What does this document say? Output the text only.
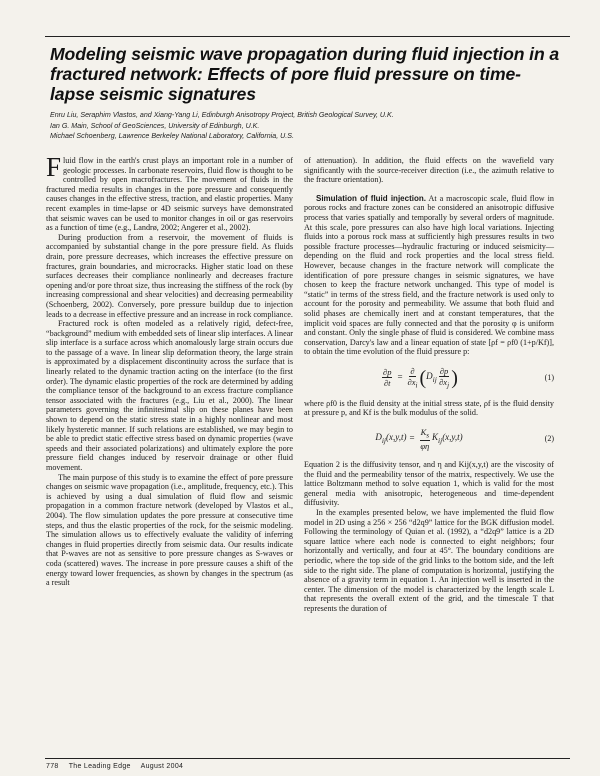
Modeling seismic wave propagation during fluid injection in a fractured network: Effects of pore fluid pressure on time-lapse seismic signatures
Enru Liu, Seraphim Vlastos, and Xiang-Yang Li, Edinburgh Anisotropy Project, British Geological Survey, U.K.
Ian G. Main, School of GeoSciences, University of Edinburgh, U.K.
Michael Schoenberg, Lawrence Berkeley National Laboratory, California, U.S.

Fluid flow in the earth's crust plays an important role in a number of geologic processes. In carbonate reservoirs, fluid flow is thought to be controlled by open macrofractures. The movement of fluids in the fractured media results in changes in the pore pressure and consequently causes changes in the effective stress, traction, and elastic properties. Many recent examples in time-lapse or 4D seismic surveys have demonstrated that seismic waves can be used to monitor changes in oil or gas reservoirs as a function of time (e.g., Landrø, 2002; Angerer et al., 2002).

During production from a reservoir, the movement of fluids is accompanied by substantial change in the pore pressure field. As fluids drain, pore pressure decreases, which increases the effective pressure on fractures, grain boundaries, and microcracks. Higher static load on these surfaces decreases their compliance nonlinearly and decreases fracture opening and/or pore throat size, thus increasing the stiffness of the rock (by increasing compressional and shear velocities) and decreasing permeability (Schoenberg, 2002). Conversely, pore pressure buildup due to injection leads to a decrease in effective pressure and an increase in rock compliance.

Fractured rock is often modeled as a relatively rigid, defect-free, “background” medium with embedded sets of linear slip interfaces. A linear slip interface is a surface across which anomalously large strain occurs due to the passage of a wave. In linear slip deformation theory, the large strain is approximated by a displacement discontinuity across the surface that is linearly related to the dynamic traction acting on the interface (to the first order). The dynamic elastic properties of the rock are determined by adding the compliance tensor of the background to an excess fracture compliance tensor associated with the fractures (e.g., Liu et al., 2000). The linear parameters governing the infinitesimal slip on these planes have been shown to depend on the static stress state in a highly nonlinear and most likely hysteretic manner. If such relations are established, we may begin to be able to predict static effective stress based on dynamic properties (wave speeds and their associated polarizations) and ultimately explore the pore pressure field changes induced by reservoir drainage or other fluid movement.

The main purpose of this study is to examine the effect of pore pressure changes on seismic wave propagation (i.e., amplitude, frequency, etc.). This is achieved by using a dual simulation of fluid flow and seismic propagation in a common fracture network (developed by Vlastos et al., 2004). The flow simulation updates the pore pressure at consecutive time steps, and thus the elastic properties of the rock, for the seismic modeling. The simulation allows us to effectively evaluate the validity of inferring changes in fluid properties directly from seismic data. Our results indicate that P-waves are not as sensitive to pore pressure changes as S-waves or coda (scattered) waves. The increase in pore pressure causes a shift of the energy toward lower frequencies, as shown by changes in the spectrum (as a result

of attenuation). In addition, the fluid effects on the wavefield vary significantly with the source-receiver direction (i.e., the azimuth relative to the fracture orientation).

Simulation of fluid injection. At a macroscopic scale, fluid flow in porous rocks and fracture zones can be considered an anisotropic diffusive process that varies spatially and temporally by several orders of magnitude. At this scale, pore pressures can also have high local variations. Injecting fluids into a porous rock mass at sufficiently high pressures results in two possible fracture processes—hydraulic fracturing or induced seismicity—depending on the fluid and rock properties and the local stress field. However, because changes in the fracture network will complicate the identification of pore pressure changes in seismic signatures, we have chosen to keep the fracture network unchanged. This type of model is “static” in terms of the stress field, and the fracture network is used only to account for the porosity and permeability. We assume that both fluid and solid phases are chemically inert and at constant temperatures, that the implicit void spaces are fully connected and that the porosity φ is uniform and constant. Only the single phase of fluid is considered. We combine mass conservation, Darcy's law and a linear equation of state [ρf = ρf0 (1+p/Kf)], to obtain the time evolution of the fluid pressure p:

$\frac{\partial p}{\partial t} = \frac{\partial}{\partial x_i}$ ( $D_{ij} \frac{\partial p}{\partial x_j}$ )	(1)

where ρf0 is the fluid density at the initial stress state, ρf is the fluid density at pressure p, and Kf is the bulk modulus of the solid.

$D_{ij}(x,y,t) = \frac{K_s}{\varphi\eta} K_{ij}(x,y,t)$	(2)

Equation 2 is the diffusivity tensor, and η and Kij(x,y,t) are the viscosity of the fluid and the permeability tensor of the matrix, respectively. We use the lattice Boltzmann method to solve equation 1, which is valid for the most general media with anisotropic, heterogeneous and time-dependent diffusivity.

In the examples presented below, we have implemented the fluid flow model in 2D using a 256 × 256 “d2q9” lattice for the BGK diffusion model. Following the terminology of Quian et al. (1992), a “d2q9” lattice is a 2D square lattice where each node is connected to eight neighbors; four horizontally and vertically, and four at 45°. The boundary conditions are periodic, where the top side of the grid links to the bottom side, and the left side to the right side. The plane of computation is horizontal, justifying the absence of a gravity term in equation 1. An injection well is inserted in the center. The dimension of the model is characterized by the length scale L that represents the overall extent of the grid, and the timescale T that represents the duration of

778 The Leading Edge August 2004
